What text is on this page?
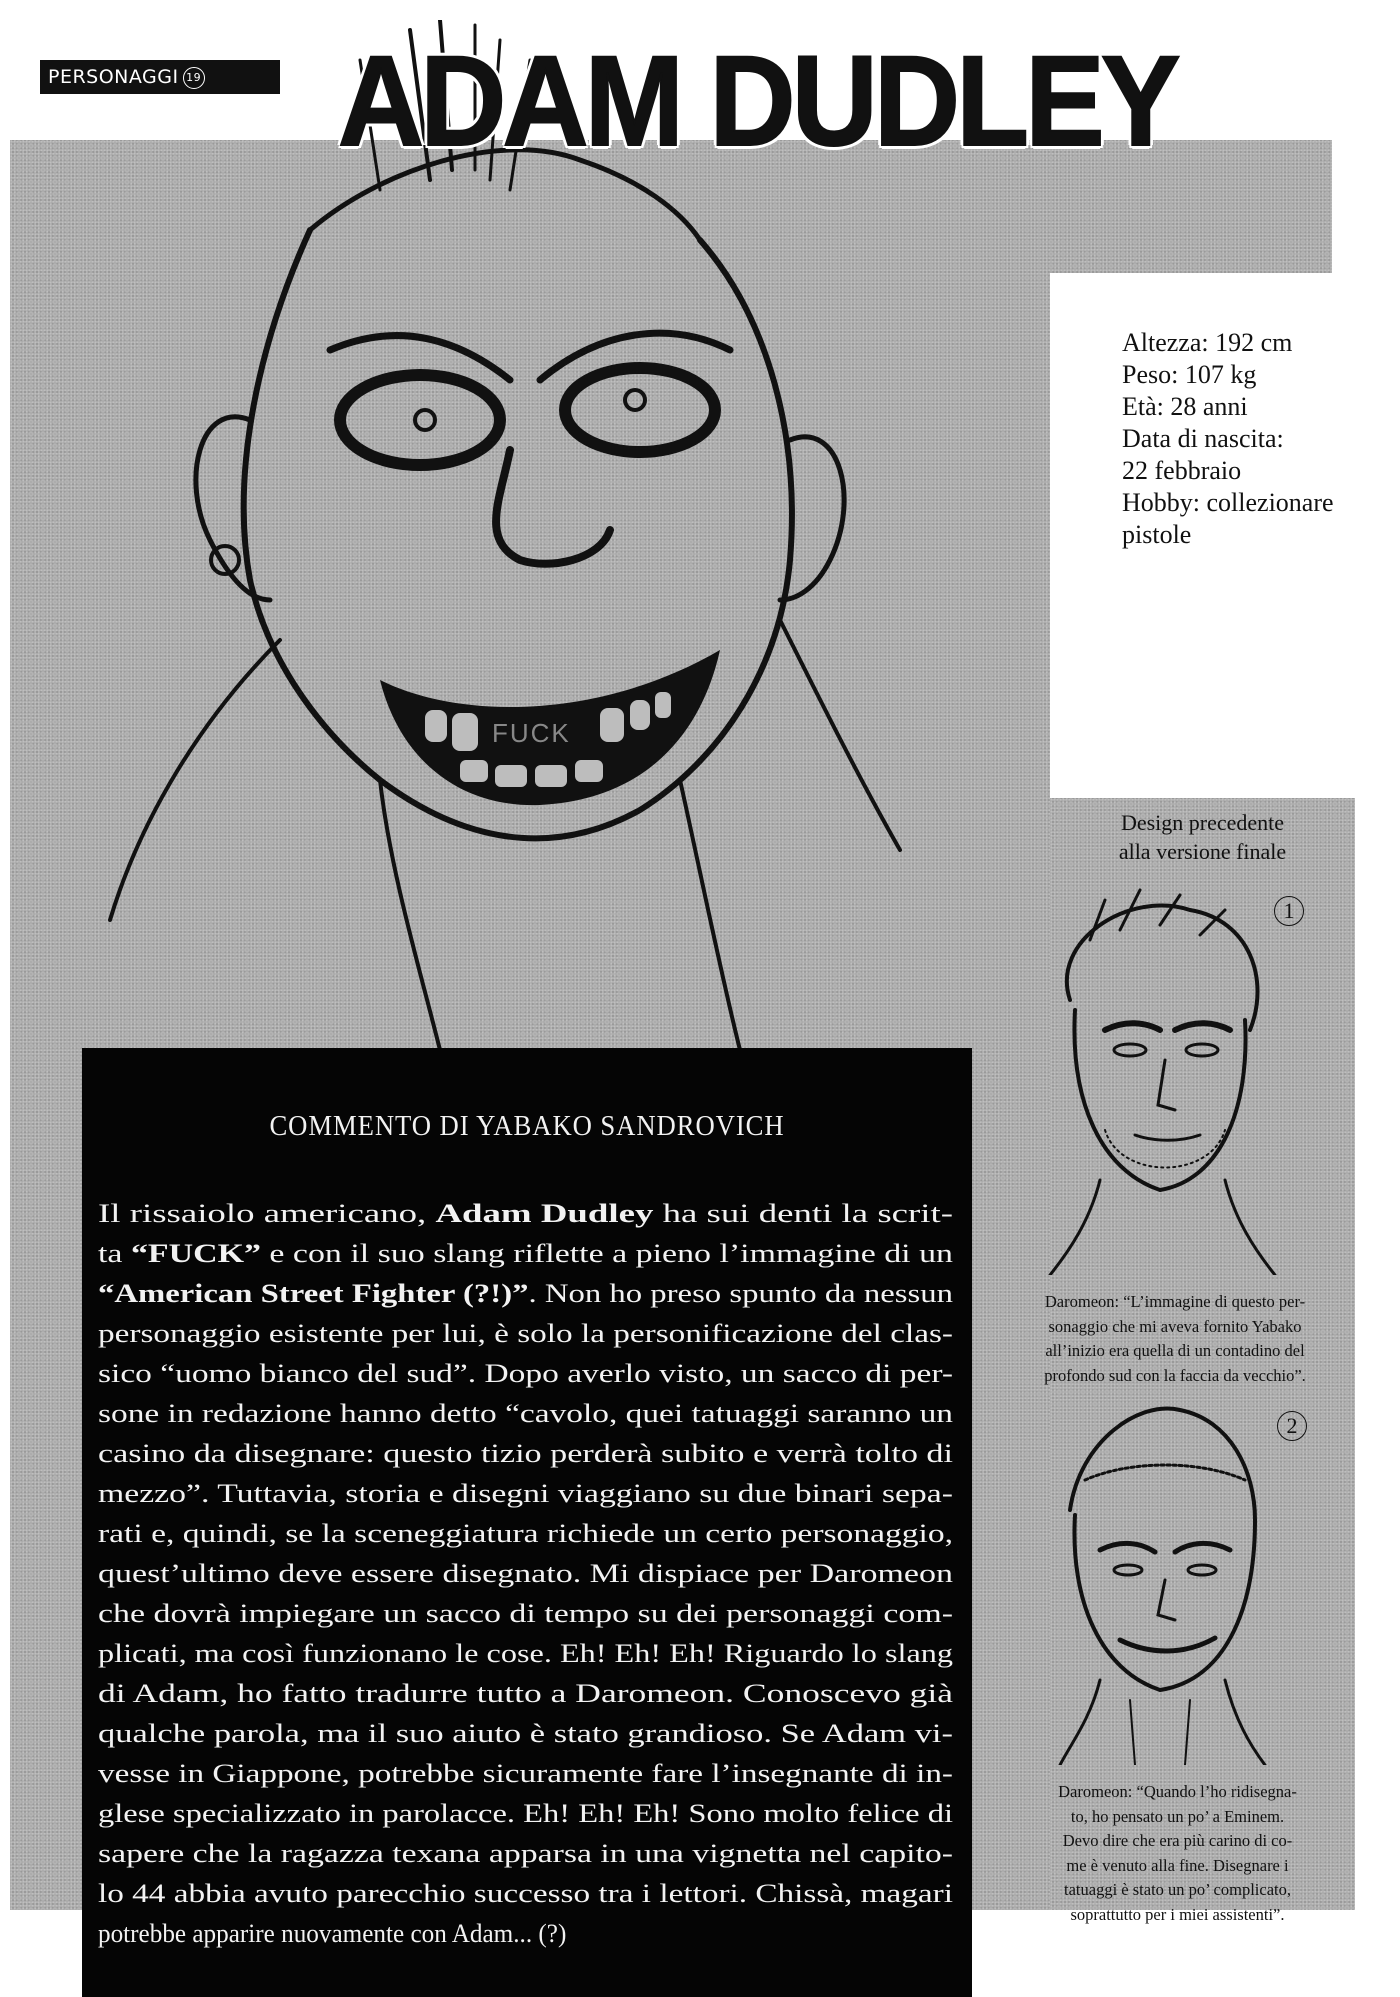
FUCK
PERSONAGGI 19	ADAM DUDLEY
Altezza: 192 cm
Peso: 107 kg
Età: 28 anni
Data di nascita:
22 febbraio
Hobby: collezionare
pistole
COMMENTO DI YABAKO SANDROVICH
Il rissaiolo americano, Adam Dudley ha sui denti la scrit-
ta “FUCK” e con il suo slang riflette a pieno l’immagine di un
“American Street Fighter (?!)”. Non ho preso spunto da nessun
personaggio esistente per lui, è solo la personificazione del clas-
sico “uomo bianco del sud”. Dopo averlo visto, un sacco di per-
sone in redazione hanno detto “cavolo, quei tatuaggi saranno un
casino da disegnare: questo tizio perderà subito e verrà tolto di
mezzo”. Tuttavia, storia e disegni viaggiano su due binari sepa-
rati e, quindi, se la sceneggiatura richiede un certo personaggio,
quest’ultimo deve essere disegnato. Mi dispiace per Daromeon
che dovrà impiegare un sacco di tempo su dei personaggi com-
plicati, ma così funzionano le cose. Eh! Eh! Eh! Riguardo lo slang
di Adam, ho fatto tradurre tutto a Daromeon. Conoscevo già
qualche parola, ma il suo aiuto è stato grandioso. Se Adam vi-
vesse in Giappone, potrebbe sicuramente fare l’insegnante di in-
glese specializzato in parolacce. Eh! Eh! Eh! Sono molto felice di
sapere che la ragazza texana apparsa in una vignetta nel capito-
lo 44 abbia avuto parecchio successo tra i lettori. Chissà, magari
potrebbe apparire nuovamente con Adam... (?)
Design precedente
alla versione finale
1
Daromeon: “L’immagine di questo per-
sonaggio che mi aveva fornito Yabako
all’inizio era quella di un contadino del
profondo sud con la faccia da vecchio”.
2
Daromeon: “Quando l’ho ridisegna-
to, ho pensato un po’ a Eminem.
Devo dire che era più carino di co-
me è venuto alla fine. Disegnare i
tatuaggi è stato un po’ complicato,
soprattutto per i miei assistenti”.
